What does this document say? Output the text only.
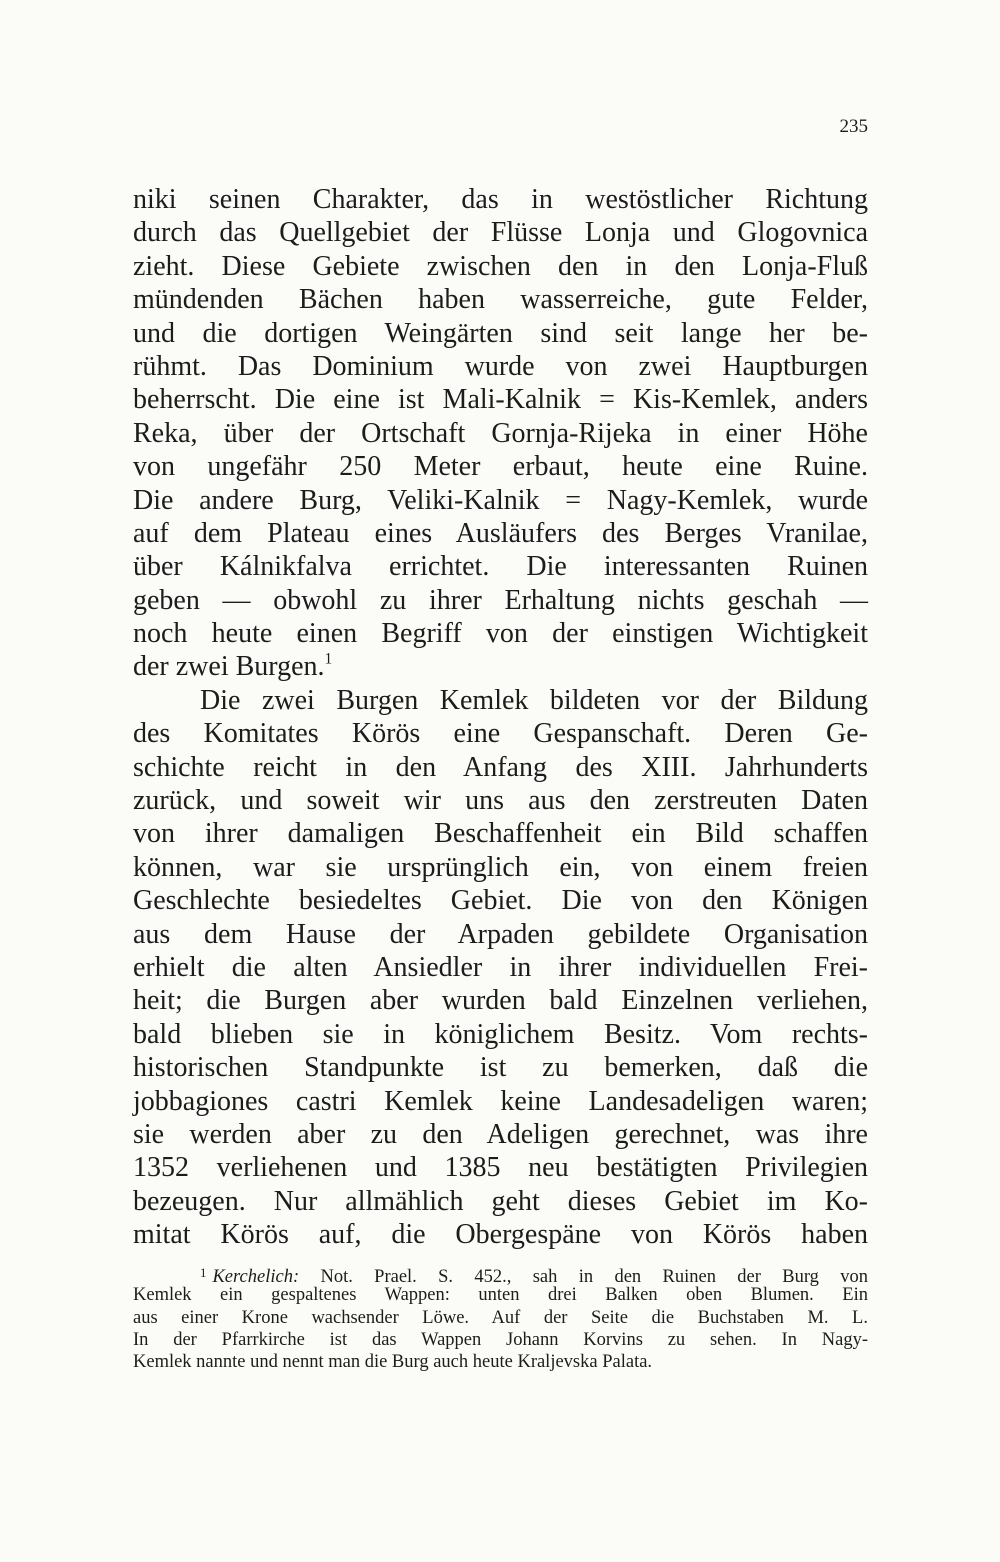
235
niki seinen Charakter, das in westöstlicher Richtung
durch das Quellgebiet der Flüsse Lonja und Glogovnica
zieht. Diese Gebiete zwischen den in den Lonja-Fluß
mündenden Bächen haben wasserreiche, gute Felder,
und die dortigen Weingärten sind seit lange her be-
rühmt. Das Dominium wurde von zwei Hauptburgen
beherrscht. Die eine ist Mali-Kalnik = Kis-Kemlek, anders
Reka, über der Ortschaft Gornja-Rijeka in einer Höhe
von ungefähr 250 Meter erbaut, heute eine Ruine.
Die andere Burg, Veliki-Kalnik = Nagy-Kemlek, wurde
auf dem Plateau eines Ausläufers des Berges Vranilae,
über Kálnikfalva errichtet. Die interessanten Ruinen
geben — obwohl zu ihrer Erhaltung nichts geschah —
noch heute einen Begriff von der einstigen Wichtigkeit
der zwei Burgen.$^1$
Die zwei Burgen Kemlek bildeten vor der Bildung
des Komitates Körös eine Gespanschaft. Deren Ge-
schichte reicht in den Anfang des XIII. Jahrhunderts
zurück, und soweit wir uns aus den zerstreuten Daten
von ihrer damaligen Beschaffenheit ein Bild schaffen
können, war sie ursprünglich ein, von einem freien
Geschlechte besiedeltes Gebiet. Die von den Königen
aus dem Hause der Arpaden gebildete Organisation
erhielt die alten Ansiedler in ihrer individuellen Frei-
heit; die Burgen aber wurden bald Einzelnen verliehen,
bald blieben sie in königlichem Besitz. Vom rechts-
historischen Standpunkte ist zu bemerken, daß die
jobbagiones castri Kemlek keine Landesadeligen waren;
sie werden aber zu den Adeligen gerechnet, was ihre
1352 verliehenen und 1385 neu bestätigten Privilegien
bezeugen. Nur allmählich geht dieses Gebiet im Ko-
mitat Körös auf, die Obergespäne von Körös haben
$^1$ Kerchelich: Not. Prael. S. 452., sah in den Ruinen der Burg von
Kemlek ein gespaltenes Wappen: unten drei Balken oben Blumen. Ein
aus einer Krone wachsender Löwe. Auf der Seite die Buchstaben M. L.
In der Pfarrkirche ist das Wappen Johann Korvins zu sehen. In Nagy-
Kemlek nannte und nennt man die Burg auch heute Kraljevska Palata.
